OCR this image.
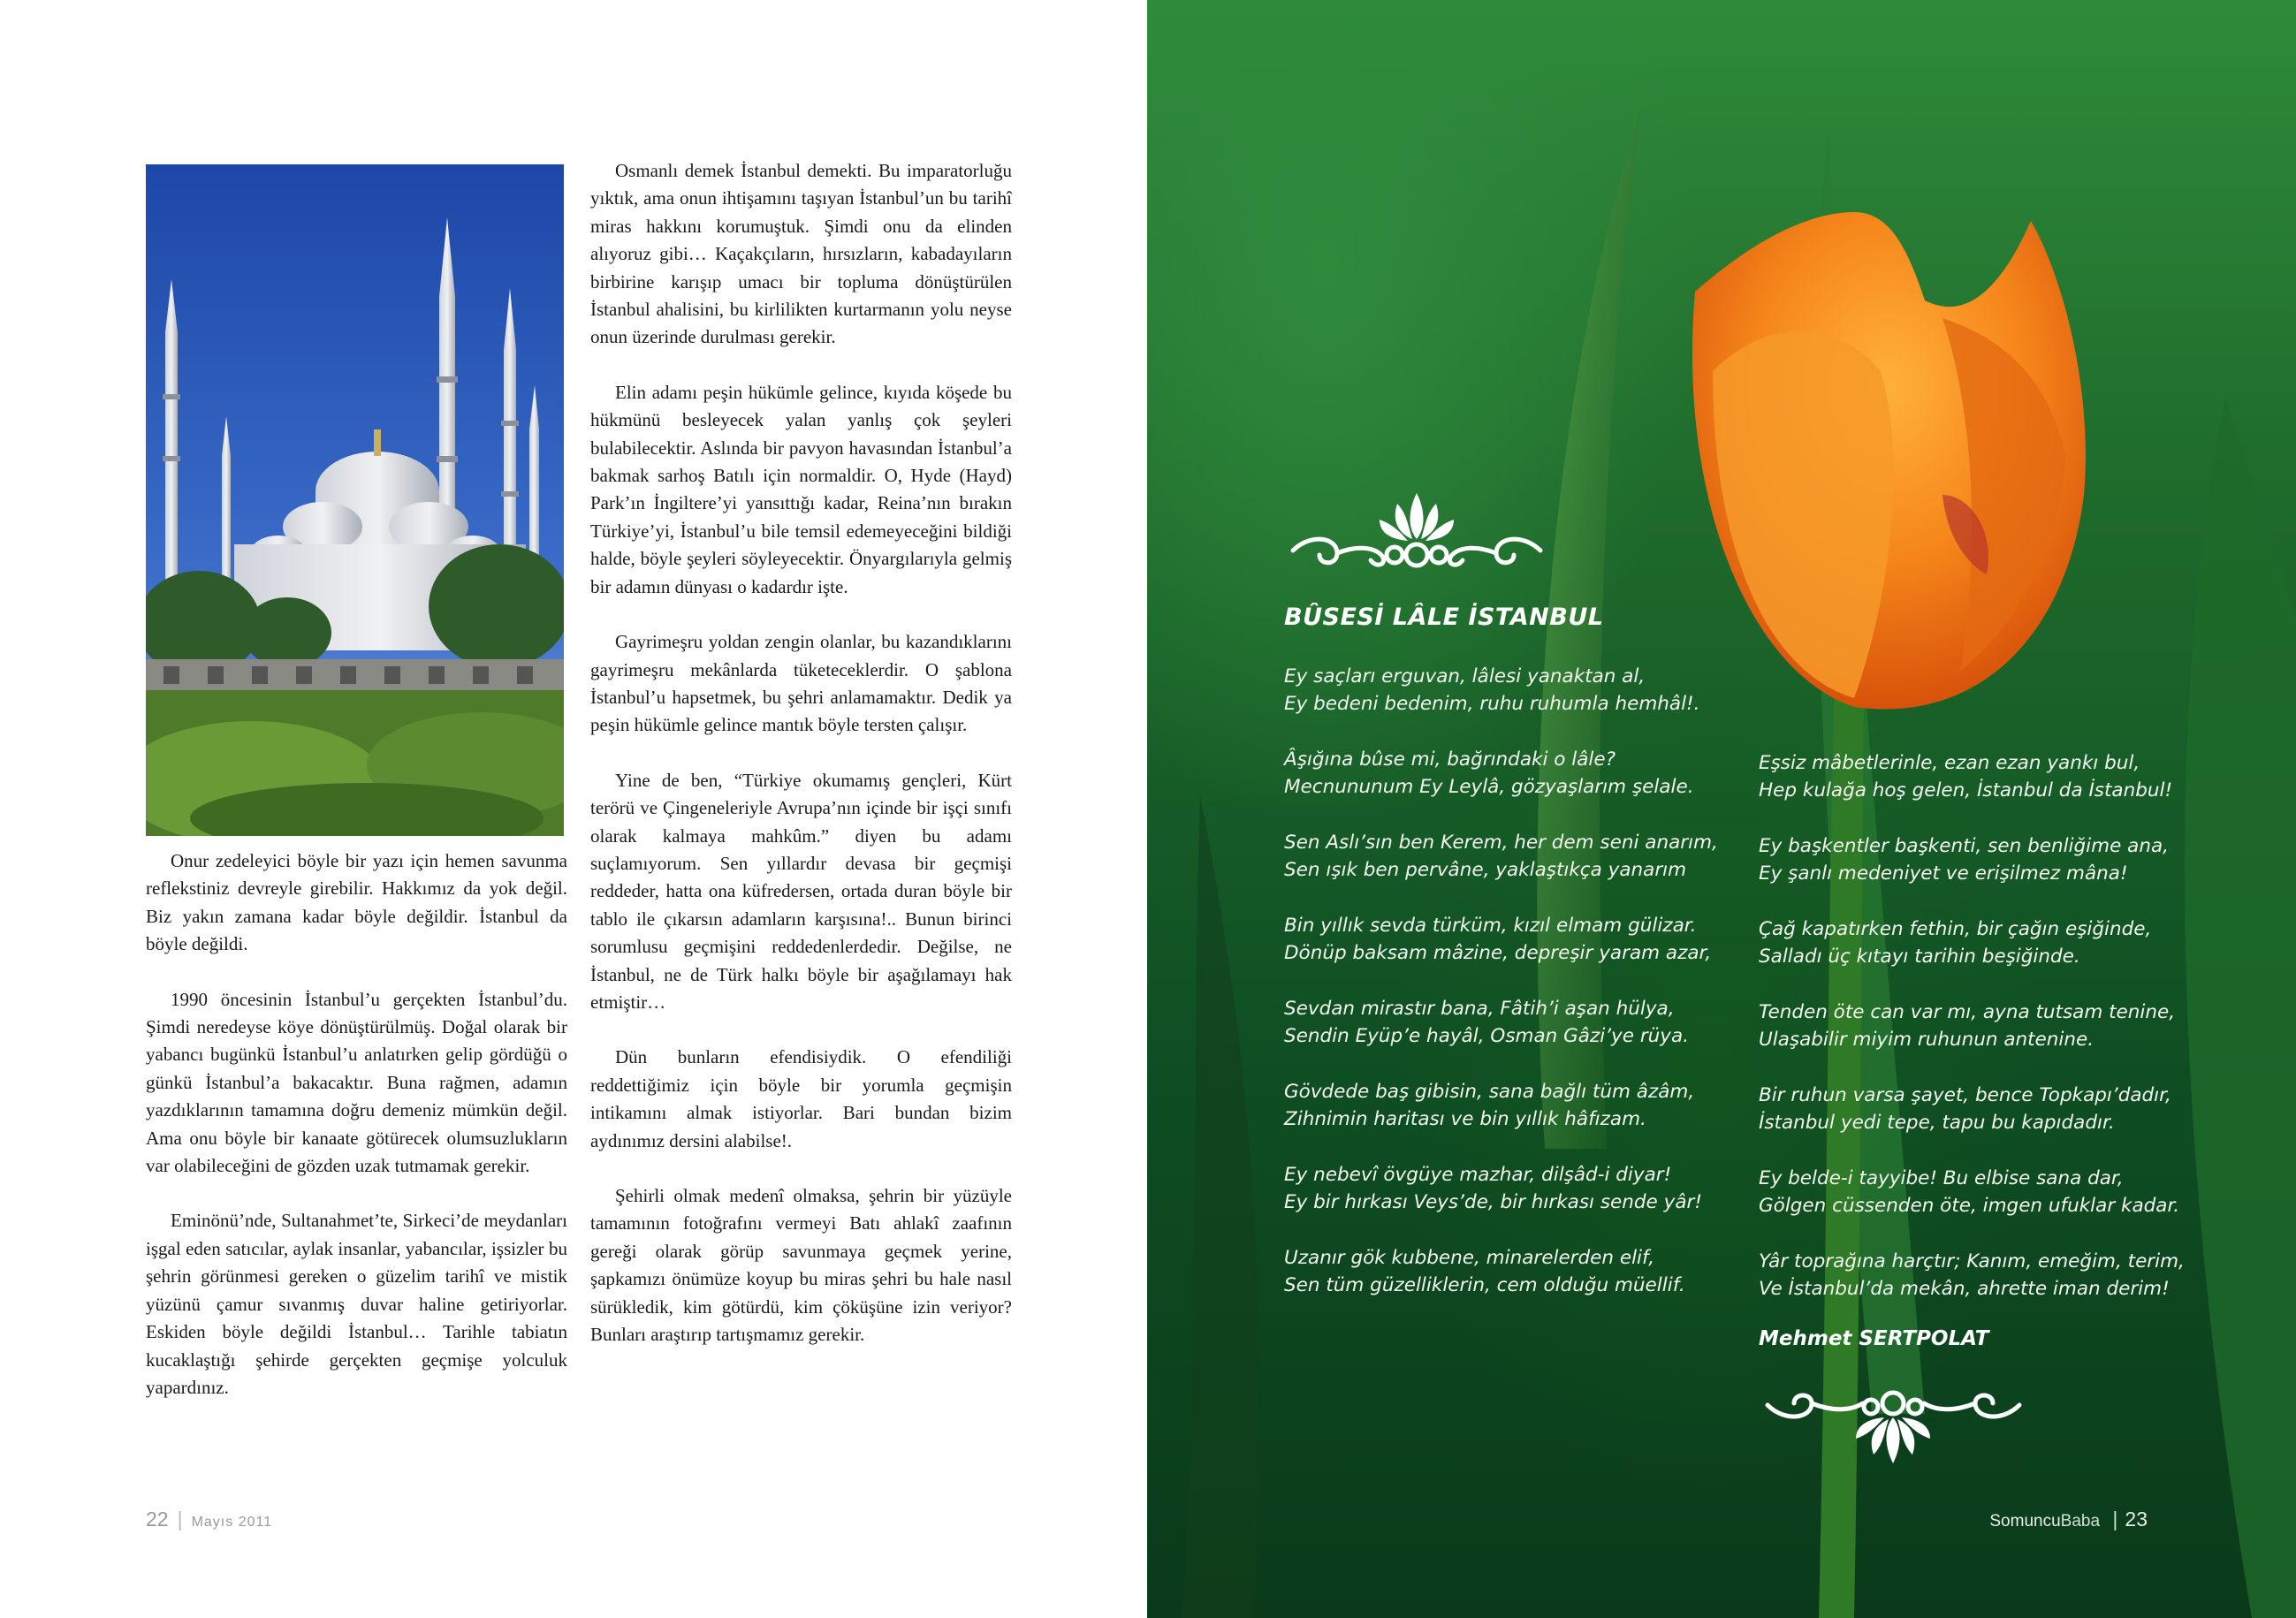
Onur zedeleyici böyle bir yazı için hemen savunma reflekstiniz devreyle girebilir. Hakkımız da yok değil. Biz yakın zamana kadar böyle değildir. İstanbul da böyle değildi.

1990 öncesinin İstanbul’u gerçekten İstanbul’du. Şimdi neredeyse köye dönüştürülmüş. Doğal olarak bir yabancı bugünkü İstanbul’u anlatırken gelip gördüğü o günkü İstanbul’a bakacaktır. Buna rağmen, adamın yazdıklarının tamamına doğru demeniz mümkün değil. Ama onu böyle bir kanaate götürecek olumsuzlukların var olabileceğini de gözden uzak tutmamak gerekir.

Eminönü’nde, Sultanahmet’te, Sirkeci’de meydanları işgal eden satıcılar, aylak insanlar, yabancılar, işsizler bu şehrin görünmesi gereken o güzelim tarihî ve mistik yüzünü çamur sıvanmış duvar haline getiriyorlar. Eskiden böyle değildi İstanbul… Tarihle tabiatın kucaklaştığı şehirde gerçekten geçmişe yolculuk yapardınız.

Osmanlı demek İstanbul demekti. Bu imparatorluğu yıktık, ama onun ihtişamını taşıyan İstanbul’un bu tarihî miras hakkını korumuştuk. Şimdi onu da elinden alıyoruz gibi… Kaçakçıların, hırsızların, kabadayıların birbirine karışıp umacı bir topluma dönüştürülen İstanbul ahalisini, bu kirlilikten kurtarmanın yolu neyse onun üzerinde durulması gerekir.

Elin adamı peşin hükümle gelince, kıyıda köşede bu hükmünü besleyecek yalan yanlış çok şeyleri bulabilecektir. Aslında bir pavyon havasından İstanbul’a bakmak sarhoş Batılı için normaldir. O, Hyde (Hayd) Park’ın İngiltere’yi yansıttığı kadar, Reina’nın bırakın Türkiye’yi, İstanbul’u bile temsil edemeyeceğini bildiği halde, böyle şeyleri söyleyecektir. Önyargılarıyla gelmiş bir adamın dünyası o kadardır işte.

Gayrimeşru yoldan zengin olanlar, bu kazandıklarını gayrimeşru mekânlarda tüketeceklerdir. O şablona İstanbul’u hapsetmek, bu şehri anlamamaktır. Dedik ya peşin hükümle gelince mantık böyle tersten çalışır.

Yine de ben, “Türkiye okumamış gençleri, Kürt terörü ve Çingeneleriyle Avrupa’nın içinde bir işçi sınıfı olarak kalmaya mahkûm.” diyen bu adamı suçlamıyorum. Sen yıllardır devasa bir geçmişi reddeder, hatta ona küfredersen, ortada duran böyle bir tablo ile çıkarsın adamların karşısına!.. Bunun birinci sorumlusu geçmişini reddedenlerdedir. Değilse, ne İstanbul, ne de Türk halkı böyle bir aşağılamayı hak etmiştir…

Dün bunların efendisiydik. O efendiliği reddettiğimiz için böyle bir yorumla geçmişin intikamını almak istiyorlar. Bari bundan bizim aydınımız dersini alabilse!.

Şehirli olmak medenî olmaksa, şehrin bir yüzüyle tamamının fotoğrafını vermeyi Batı ahlakî zaafının gereği olarak görüp savunmaya geçmek yerine, şapkamızı önümüze koyup bu miras şehri bu hale nasıl sürükledik, kim götürdü, kim çöküşüne izin veriyor? Bunları araştırıp tartışmamız gerekir.

22 | Mayıs 2011
BÛSESİ LÂLE İSTANBUL
Ey saçları erguvan, lâlesi yanaktan al,
Ey bedeni bedenim, ruhu ruhumla hemhâl!.
Âşığına bûse mi, bağrındaki o lâle?
Mecnununum Ey Leylâ, gözyaşlarım şelale.
Sen Aslı’sın ben Kerem, her dem seni anarım,
Sen ışık ben pervâne, yaklaştıkça yanarım
Bin yıllık sevda türküm, kızıl elmam gülizar.
Dönüp baksam mâzine, depreşir yaram azar,
Sevdan mirastır bana, Fâtih’i aşan hülya,
Sendin Eyüp’e hayâl, Osman Gâzi’ye rüya.
Gövdede baş gibisin, sana bağlı tüm âzâm,
Zihnimin haritası ve bin yıllık hâfızam.
Ey nebevî övgüye mazhar, dilşâd-i diyar!
Ey bir hırkası Veys’de, bir hırkası sende yâr!
Uzanır gök kubbene, minarelerden elif,
Sen tüm güzelliklerin, cem olduğu müellif.
Eşsiz mâbetlerinle, ezan ezan yankı bul,
Hep kulağa hoş gelen, İstanbul da İstanbul!
Ey başkentler başkenti, sen benliğime ana,
Ey şanlı medeniyet ve erişilmez mâna!
Çağ kapatırken fethin, bir çağın eşiğinde,
Salladı üç kıtayı tarihin beşiğinde.
Tenden öte can var mı, ayna tutsam tenine,
Ulaşabilir miyim ruhunun antenine.
Bir ruhun varsa şayet, bence Topkapı’dadır,
İstanbul yedi tepe, tapu bu kapıdadır.
Ey belde-i tayyibe! Bu elbise sana dar,
Gölgen cüssenden öte, imgen ufuklar kadar.
Yâr toprağına harçtır; Kanım, emeğim, terim,
Ve İstanbul’da mekân, ahrette iman derim!
Mehmet SERTPOLAT
SomuncuBaba | 23
